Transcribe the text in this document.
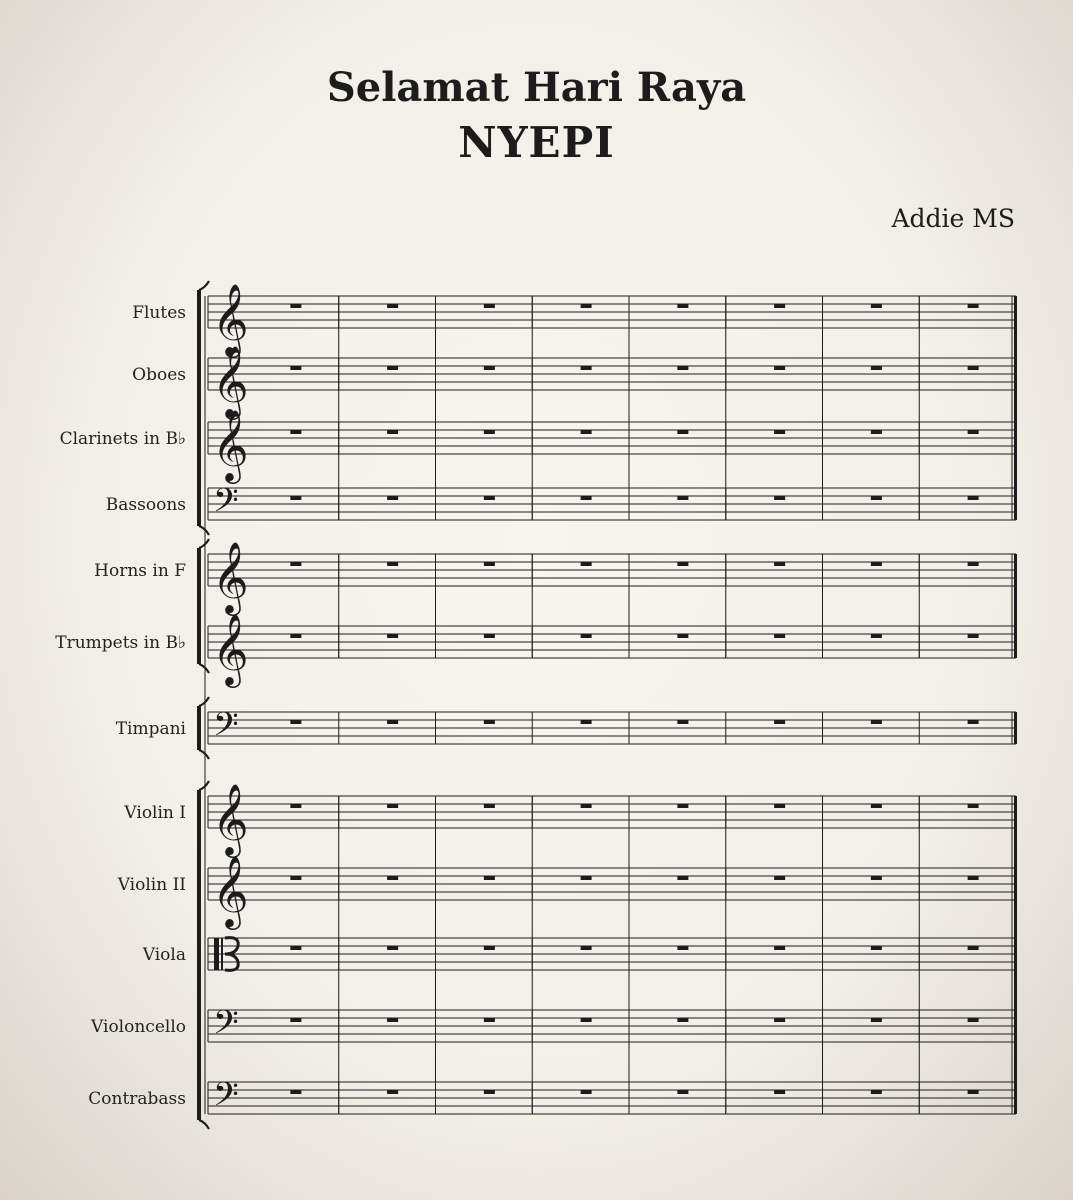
Selamat Hari Raya
NYEPI
Addie MS
Flutes 𝄞
Oboes 𝄞
Clarinets in B♭ 𝄞
Bassoons 𝄢
Horns in F 𝄞
Trumpets in B♭ 𝄞
Timpani 𝄢
Violin I 𝄞
Violin II 𝄞
Viola
Violoncello 𝄢
Contrabass 𝄢
